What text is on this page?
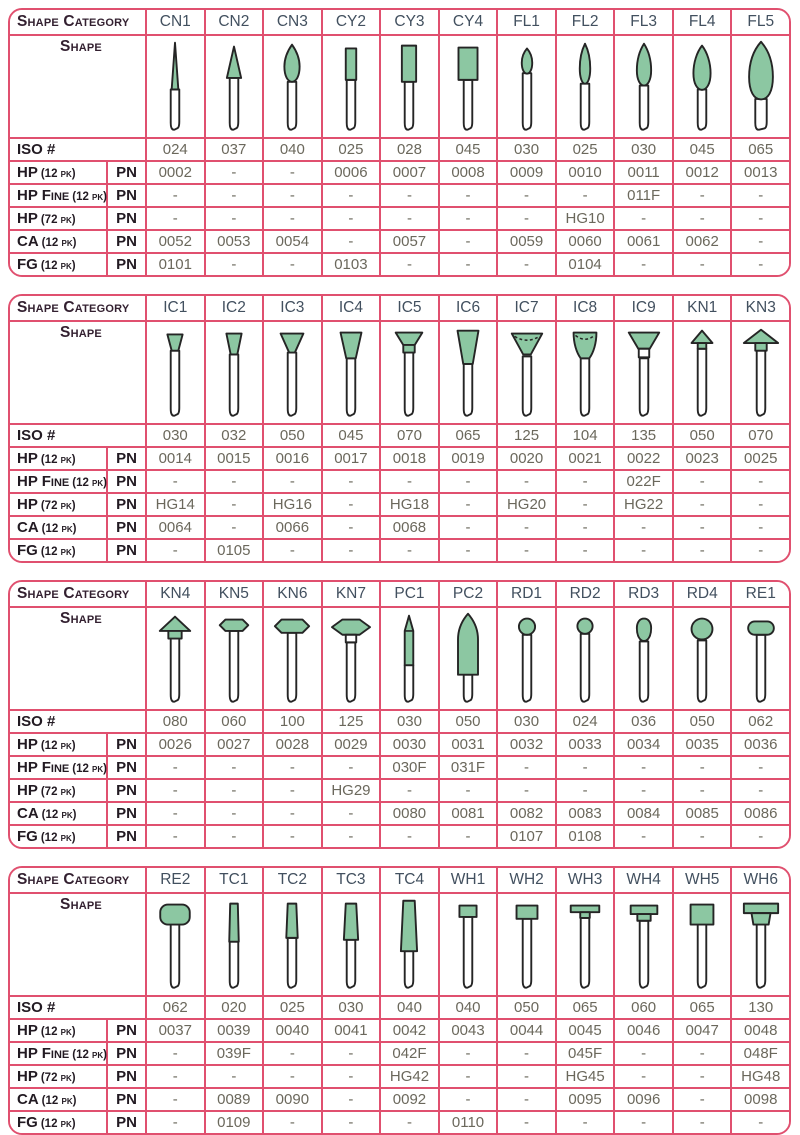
Shape Category CN1 CN2 CN3 CY2 CY3 CY4 FL1 FL2 FL3 FL4 FL5
Shape
ISO #	024 037 040 025 028 045 030 025 030 045 065
HP (12 pk)	PN 0002	-	-	0006 0007 0008 0009 0010 0011 0012 0013
HP Fine (12 pk) PN -	-	-	-	-	-	-	-	011F	-	-
HP (72 pk)	PN -	-	-	-	-	-	- HG10 -	-	-
CA (12 pk)	PN 0052 0053 0054	-	0057	-	0059 0060 0061 0062	-
FG (12 pk)	PN 0101	-	-	0103	-	-	-	0104	-	-	-
Shape Category IC1 IC2 IC3 IC4 IC5 IC6 IC7 IC8 IC9 KN1 KN3
Shape
ISO #	030 032 050 045 070 065 125 104 135 050 070
HP (12 pk)	PN 0014 0015 0016 0017 0018 0019 0020 0021 0022 0023 0025
HP Fine (12 pk) PN -	-	-	-	-	-	-	-	022F	-	-
HP (72 pk)	PN HG14 - HG16 - HG18 - HG20 - HG22 -	-
CA (12 pk)	PN 0064	-	0066	-	0068	-	-	-	-	-	-
FG (12 pk)	PN -	0105	-	-	-	-	-	-	-	-	-
Shape Category KN4 KN5 KN6 KN7 PC1 PC2 RD1 RD2 RD3 RD4 RE1
Shape
ISO #	080 060 100 125 030 050 030 024 036 050 062
HP (12 pk)	PN 0026 0027 0028 0029 0030 0031 0032 0033 0034 0035 0036
HP Fine (12 pk) PN -	-	-	-	030F 031F	-	-	-	-	-
HP (72 pk)	PN -	-	- HG29 -	-	-	-	-	-	-
CA (12 pk)	PN -	-	-	-	0080 0081 0082 0083 0084 0085 0086
FG (12 pk)	PN -	-	-	-	-	-	0107 0108	-	-	-
Shape Category RE2 TC1 TC2 TC3 TC4 WH1 WH2 WH3 WH4 WH5 WH6
Shape
ISO #	062 020 025 030 040 040 050 065 060 065 130
HP (12 pk)	PN 0037 0039 0040 0041 0042 0043 0044 0045 0046 0047 0048
HP Fine (12 pk) PN -	039F	-	-	042F	-	-	045F	-	-	048F
HP (72 pk)	PN -	-	-	- HG42 -	- HG45 -	- HG48
CA (12 pk)	PN -	0089 0090	-	0092	-	-	0095 0096	-	0098
FG (12 pk)	PN -	0109	-	-	-	0110	-	-	-	-	-
